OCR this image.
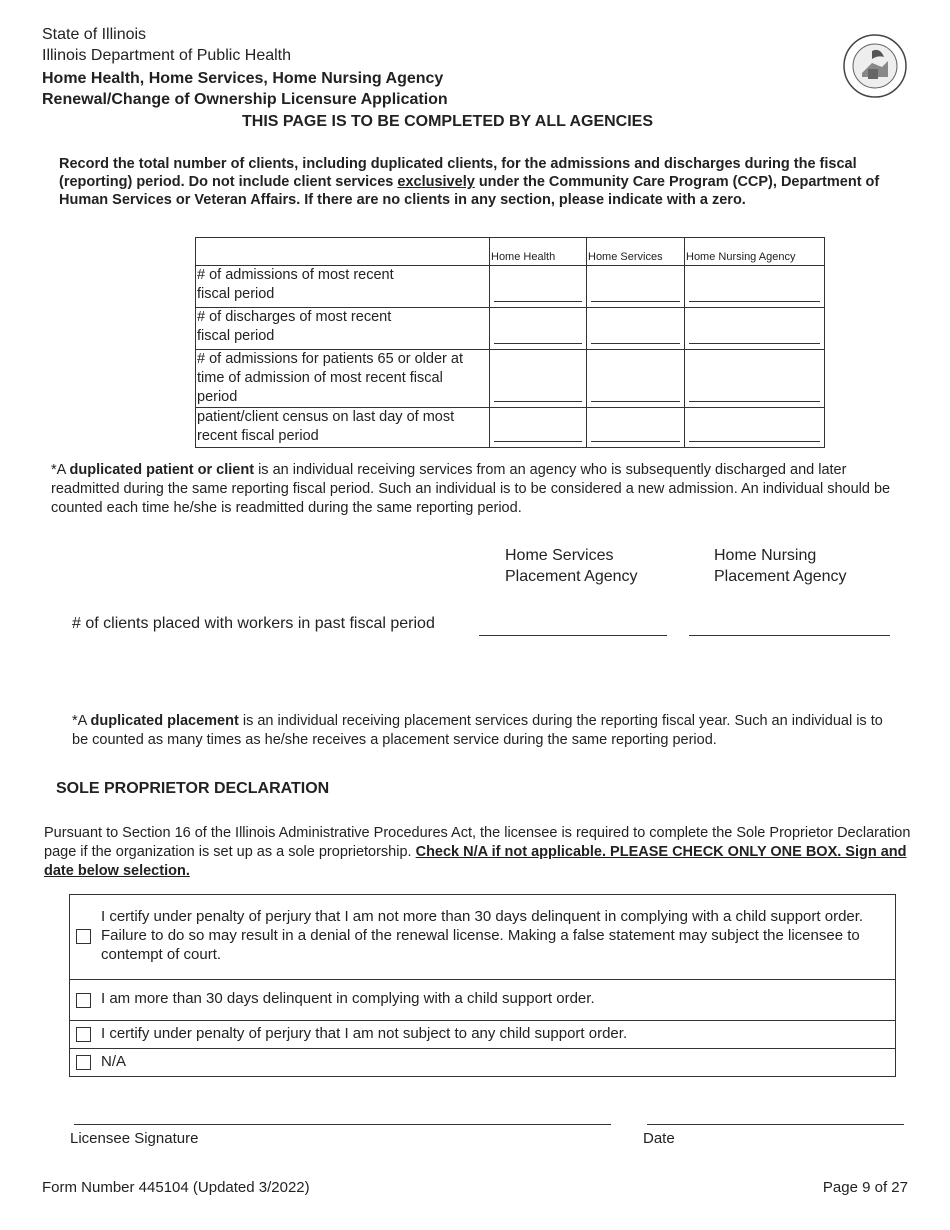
State of Illinois
Illinois Department of Public Health
Home Health, Home Services, Home Nursing Agency
Renewal/Change of Ownership Licensure Application
THIS PAGE IS TO BE COMPLETED BY ALL AGENCIES
Record the total number of clients, including duplicated clients, for the admissions and discharges during the fiscal (reporting) period. Do not include client services exclusively under the Community Care Program (CCP), Department of Human Services or Veteran Affairs. If there are no clients in any section, please indicate with a zero.
	Home Health	Home Services	Home Nursing Agency
# of admissions of most recent fiscal period	

# of discharges of most recent fiscal period	

# of admissions for patients 65 or older at time of admission of most recent fiscal period	

patient/client census on last day of most recent fiscal period	

*A duplicated patient or client is an individual receiving services from an agency who is subsequently discharged and later readmitted during the same reporting fiscal period. Such an individual is to be considered a new admission. An individual should be counted each time he/she is readmitted during the same reporting period.
Home Services
Placement Agency
Home Nursing
Placement Agency
# of clients placed with workers in past fiscal period
*A duplicated placement is an individual receiving placement services during the reporting fiscal year. Such an individual is to be counted as many times as he/she receives a placement service during the same reporting period.
SOLE PROPRIETOR DECLARATION
Pursuant to Section 16 of the Illinois Administrative Procedures Act, the licensee is required to complete the Sole Proprietor Declaration page if the organization is set up as a sole proprietorship. Check N/A if not applicable. PLEASE CHECK ONLY ONE BOX. Sign and date below selection.
I certify under penalty of perjury that I am not more than 30 days delinquent in complying with a child support order. Failure to do so may result in a denial of the renewal license. Making a false statement may subject the licensee to contempt of court.
I am more than 30 days delinquent in complying with a child support order.
I certify under penalty of perjury that I am not subject to any child support order.
N/A
Licensee Signature	Date
Form Number 445104 (Updated 3/2022)	Page 9 of 27
